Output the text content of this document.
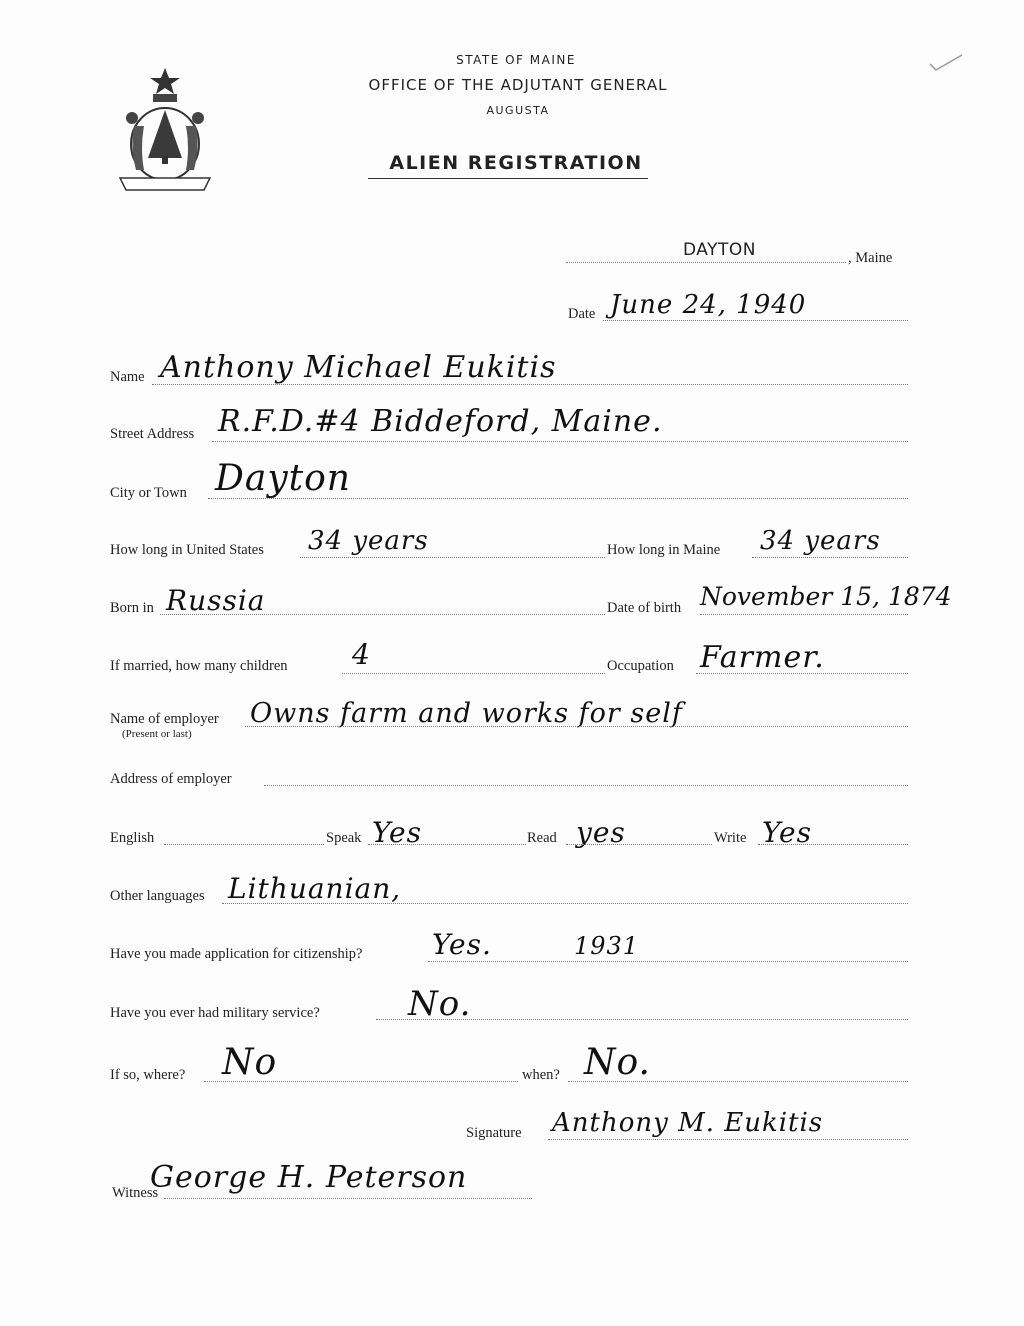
STATE OF MAINE
OFFICE OF THE ADJUTANT GENERAL
AUGUSTA
ALIEN REGISTRATION
DAYTON	, Maine
Date June 24, 1940
Name Anthony Michael Eukitis
Street Address R.F.D.#4 Biddeford, Maine.
City or Town Dayton
How long in United States 34 years	How long in Maine 34 years
Born in Russia	Date of birth November 15, 1874
If married, how many children 4	Occupation Farmer.
Name of employer
(Present or last)
Owns farm and works for self
Address of employer
English	Speak Yes	Read yes	Write Yes
Other languages Lithuanian,
Have you made application for citizenship? Yes.	1931
Have you ever had military service?	No.
If so, where? No	when? No.
Signature Anthony M. Eukitis
Witness
George H. Peterson
